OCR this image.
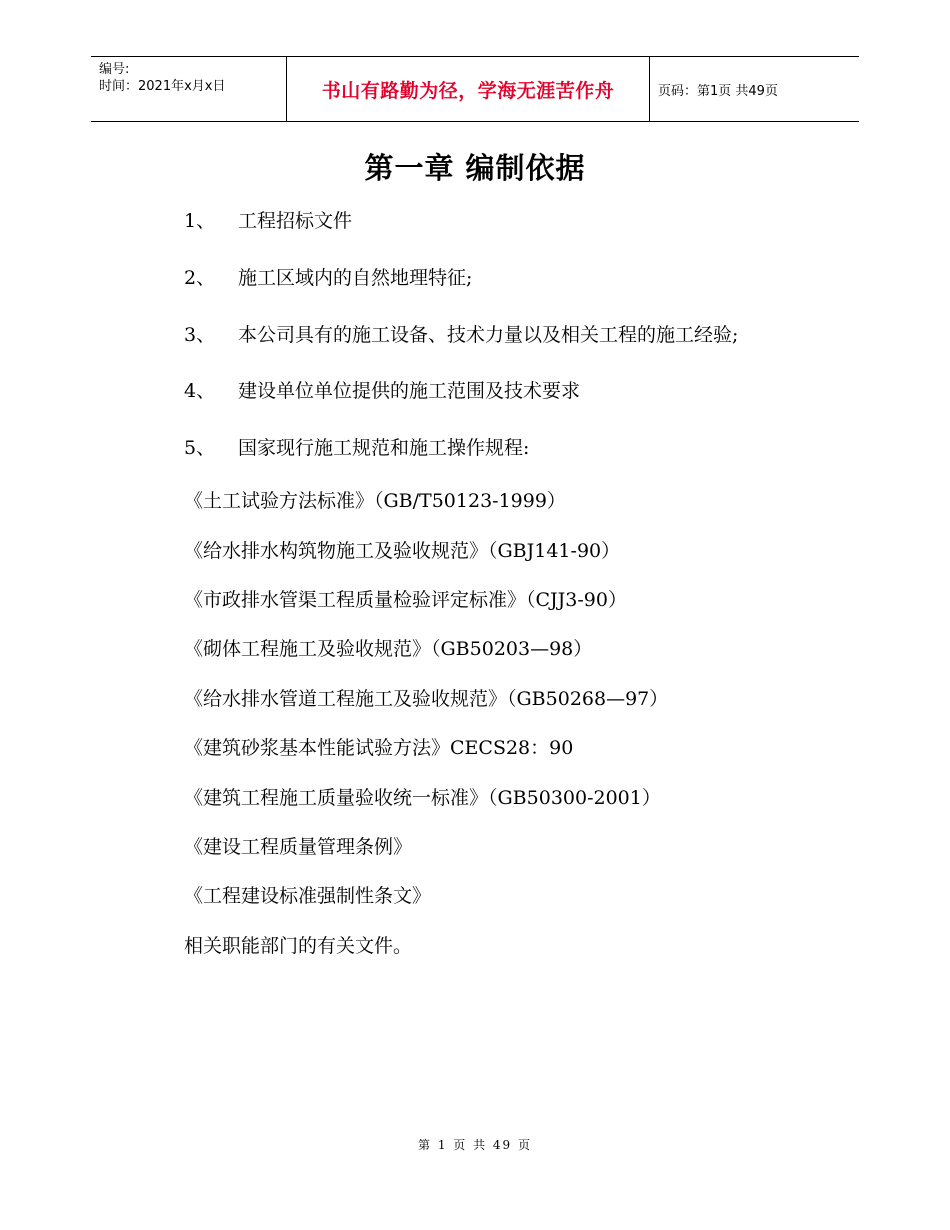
编号:
时间：2021年x月x日	书山有路勤为径，学海无涯苦作舟	页码：第1页 共49页
第一章 编制依据
1、 工程招标文件
2、 施工区域内的自然地理特征;
3、 本公司具有的施工设备、技术力量以及相关工程的施工经验;
4、 建设单位单位提供的施工范围及技术要求
5、 国家现行施工规范和施工操作规程:
《土工试验方法标准》（GB/T50123-1999）
《给水排水构筑物施工及验收规范》（GBJ141-90）
《市政排水管渠工程质量检验评定标准》（CJJ3-90）
《砌体工程施工及验收规范》（GB50203—98）
《给水排水管道工程施工及验收规范》（GB50268—97）
《建筑砂浆基本性能试验方法》CECS28：90
《建筑工程施工质量验收统一标准》（GB50300-2001）
《建设工程质量管理条例》
《工程建设标准强制性条文》
相关职能部门的有关文件。
第 1 页 共 49 页
